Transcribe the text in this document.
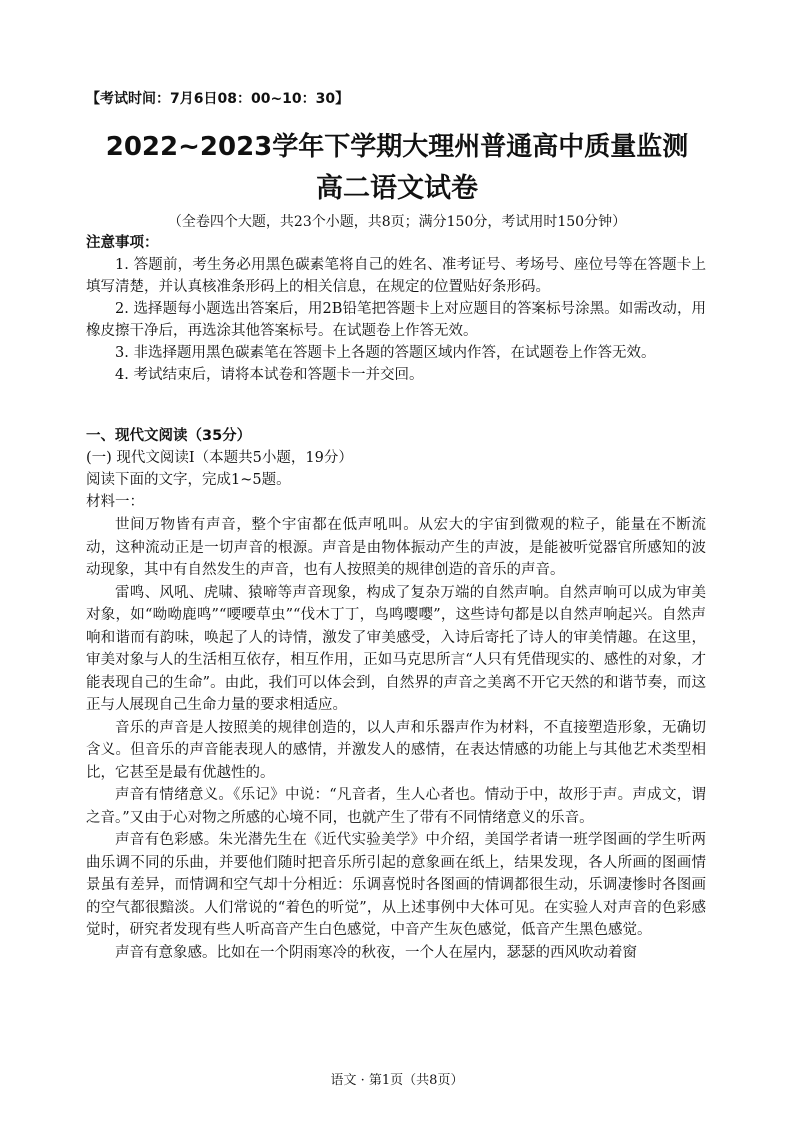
【考试时间：7月6日08：00~10：30】
2022~2023学年下学期大理州普通高中质量监测
高二语文试卷
（全卷四个大题，共23个小题，共8页；满分150分，考试用时150分钟）
注意事项：

1. 答题前，考生务必用黑色碳素笔将自己的姓名、准考证号、考场号、座位号等在答题卡上填写清楚，并认真核准条形码上的相关信息，在规定的位置贴好条形码。

2. 选择题每小题选出答案后，用2B铅笔把答题卡上对应题目的答案标号涂黑。如需改动，用橡皮擦干净后，再选涂其他答案标号。在试题卷上作答无效。

3. 非选择题用黑色碳素笔在答题卡上各题的答题区域内作答，在试题卷上作答无效。

4. 考试结束后，请将本试卷和答题卡一并交回。

一、现代文阅读（35分）
(一) 现代文阅读Ⅰ（本题共5小题，19分）
阅读下面的文字，完成1~5题。
材料一：

世间万物皆有声音，整个宇宙都在低声吼叫。从宏大的宇宙到微观的粒子，能量在不断流动，这种流动正是一切声音的根源。声音是由物体振动产生的声波，是能被听觉器官所感知的波动现象，其中有自然发生的声音，也有人按照美的规律创造的音乐的声音。

雷鸣、风吼、虎啸、猿啼等声音现象，构成了复杂万端的自然声响。自然声响可以成为审美对象，如“呦呦鹿鸣”“喓喓草虫”“伐木丁丁，鸟鸣嘤嘤”，这些诗句都是以自然声响起兴。自然声响和谐而有韵味，唤起了人的诗情，激发了审美感受，入诗后寄托了诗人的审美情趣。在这里，审美对象与人的生活相互依存，相互作用，正如马克思所言“人只有凭借现实的、感性的对象，才能表现自己的生命”。由此，我们可以体会到，自然界的声音之美离不开它天然的和谐节奏，而这正与人展现自己生命力量的要求相适应。

音乐的声音是人按照美的规律创造的，以人声和乐器声作为材料，不直接塑造形象，无确切含义。但音乐的声音能表现人的感情，并激发人的感情，在表达情感的功能上与其他艺术类型相比，它甚至是最有优越性的。

声音有情绪意义。《乐记》中说：“凡音者，生人心者也。情动于中，故形于声。声成文，谓之音。”又由于心对物之所感的心境不同，也就产生了带有不同情绪意义的乐音。

声音有色彩感。朱光潜先生在《近代实验美学》中介绍，美国学者请一班学图画的学生听两曲乐调不同的乐曲，并要他们随时把音乐所引起的意象画在纸上，结果发现，各人所画的图画情景虽有差异，而情调和空气却十分相近：乐调喜悦时各图画的情调都很生动，乐调凄惨时各图画的空气都很黯淡。人们常说的“着色的听觉”，从上述事例中大体可见。在实验人对声音的色彩感觉时，研究者发现有些人听高音产生白色感觉，中音产生灰色感觉，低音产生黑色感觉。

声音有意象感。比如在一个阴雨寒冷的秋夜，一个人在屋内，瑟瑟的西风吹动着窗

语文 · 第1页（共8页）
